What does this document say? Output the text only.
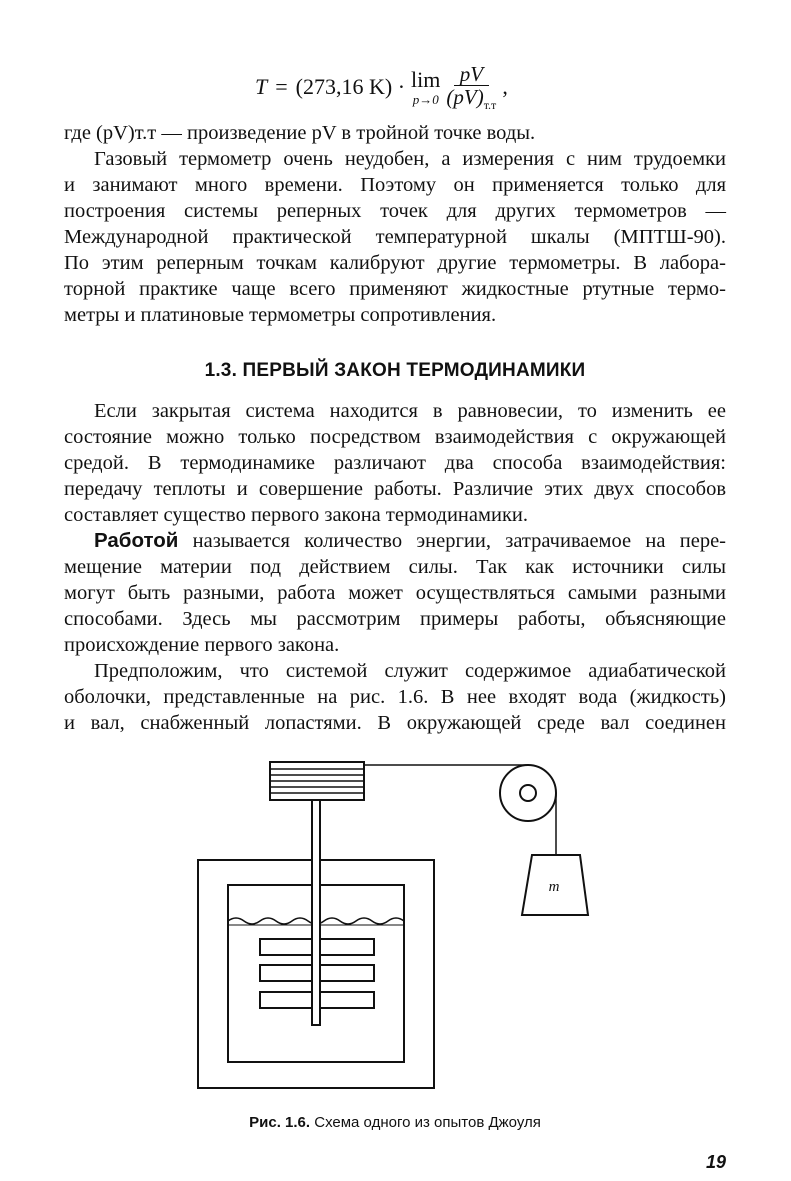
T = (273,16 K) · lim
$p\to 0 \frac{pV}{(pV)_{т.т}}$ ,
где (pV)т.т — произведение pV в тройной точке воды.
Газовый термометр очень неудобен, а измерения с ним трудоемки
и занимают много времени. Поэтому он применяется только для
построения системы реперных точек для других термометров —
Международной практической температурной шкалы (МПТШ-90).
По этим реперным точкам калибруют другие термометры. В лабора-
торной практике чаще всего применяют жидкостные ртутные термо-
метры и платиновые термометры сопротивления.
1.3. ПЕРВЫЙ ЗАКОН ТЕРМОДИНАМИКИ
Если закрытая система находится в равновесии, то изменить ее
состояние можно только посредством взаимодействия с окружающей
средой. В термодинамике различают два способа взаимодействия:
передачу теплоты и совершение работы. Различие этих двух способов
составляет существо первого закона термодинамики.
Работой называется количество энергии, затрачиваемое на пере-
мещение материи под действием силы. Так как источники силы
могут быть разными, работа может осуществляться самыми разными
способами. Здесь мы рассмотрим примеры работы, объясняющие
происхождение первого закона.
Предположим, что системой служит содержимое адиабатической
оболочки, представленные на рис. 1.6. В нее входят вода (жидкость)
и вал, снабженный лопастями. В окружающей среде вал соединен
m
Рис. 1.6. Схема одного из опытов Джоуля
19
